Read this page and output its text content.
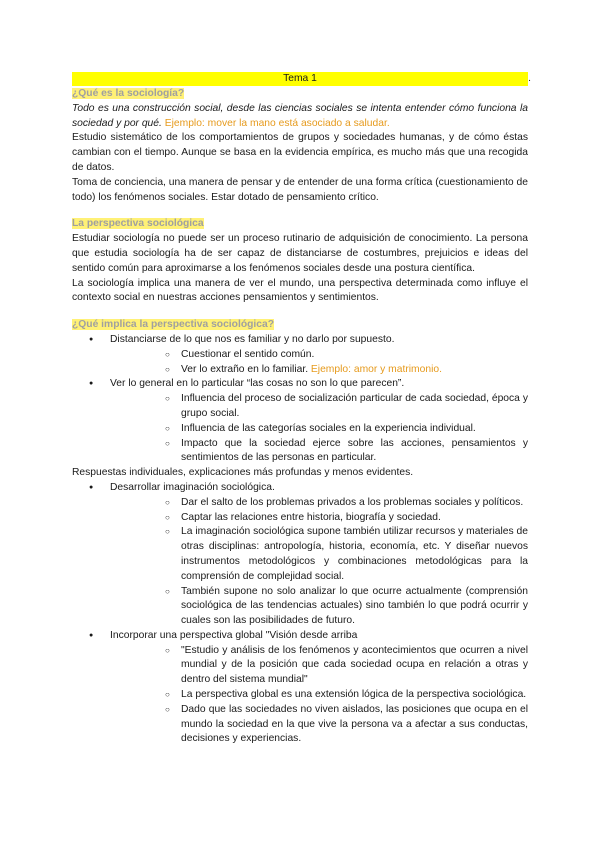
Tema 1	.

¿Qué es la sociología?

Todo es una construcción social, desde las ciencias sociales se intenta entender cómo funciona la sociedad y por qué. Ejemplo: mover la mano está asociado a saludar.

Estudio sistemático de los comportamientos de grupos y sociedades humanas, y de cómo éstas cambian con el tiempo. Aunque se basa en la evidencia empírica, es mucho más que una recogida de datos.

Toma de conciencia, una manera de pensar y de entender de una forma crítica (cuestionamiento de todo) los fenómenos sociales. Estar dotado de pensamiento crítico.

La perspectiva sociológica

Estudiar sociología no puede ser un proceso rutinario de adquisición de conocimiento. La persona que estudia sociología ha de ser capaz de distanciarse de costumbres, prejuicios e ideas del sentido común para aproximarse a los fenómenos sociales desde una postura científica.

La sociología implica una manera de ver el mundo, una perspectiva determinada como influye el contexto social en nuestras acciones pensamientos y sentimientos.

¿Qué implica la perspectiva sociológica?

● Distanciarse de lo que nos es familiar y no darlo por supuesto.
○ Cuestionar el sentido común.
○ Ver lo extraño en lo familiar. Ejemplo: amor y matrimonio.
● Ver lo general en lo particular “las cosas no son lo que parecen”.
○ Influencia del proceso de socialización particular de cada sociedad, época y grupo social.
○ Influencia de las categorías sociales en la experiencia individual.
○ Impacto que la sociedad ejerce sobre las acciones, pensamientos y sentimientos de las personas en particular.

Respuestas individuales, explicaciones más profundas y menos evidentes.

● Desarrollar imaginación sociológica.
○ Dar el salto de los problemas privados a los problemas sociales y políticos.
○ Captar las relaciones entre historia, biografía y sociedad.
○ La imaginación sociológica supone también utilizar recursos y materiales de otras disciplinas: antropología, historia, economía, etc. Y diseñar nuevos instrumentos metodológicos y combinaciones metodológicas para la comprensión de complejidad social.
○ También supone no solo analizar lo que ocurre actualmente (comprensión sociológica de las tendencias actuales) sino también lo que podrá ocurrir y cuales son las posibilidades de futuro.
● Incorporar una perspectiva global "Visión desde arriba
○ "Estudio y análisis de los fenómenos y acontecimientos que ocurren a nivel mundial y de la posición que cada sociedad ocupa en relación a otras y dentro del sistema mundial"
○ La perspectiva global es una extensión lógica de la perspectiva sociológica.
○ Dado que las sociedades no viven aislados, las posiciones que ocupa en el mundo la sociedad en la que vive la persona va a afectar a sus conductas, decisiones y experiencias.
